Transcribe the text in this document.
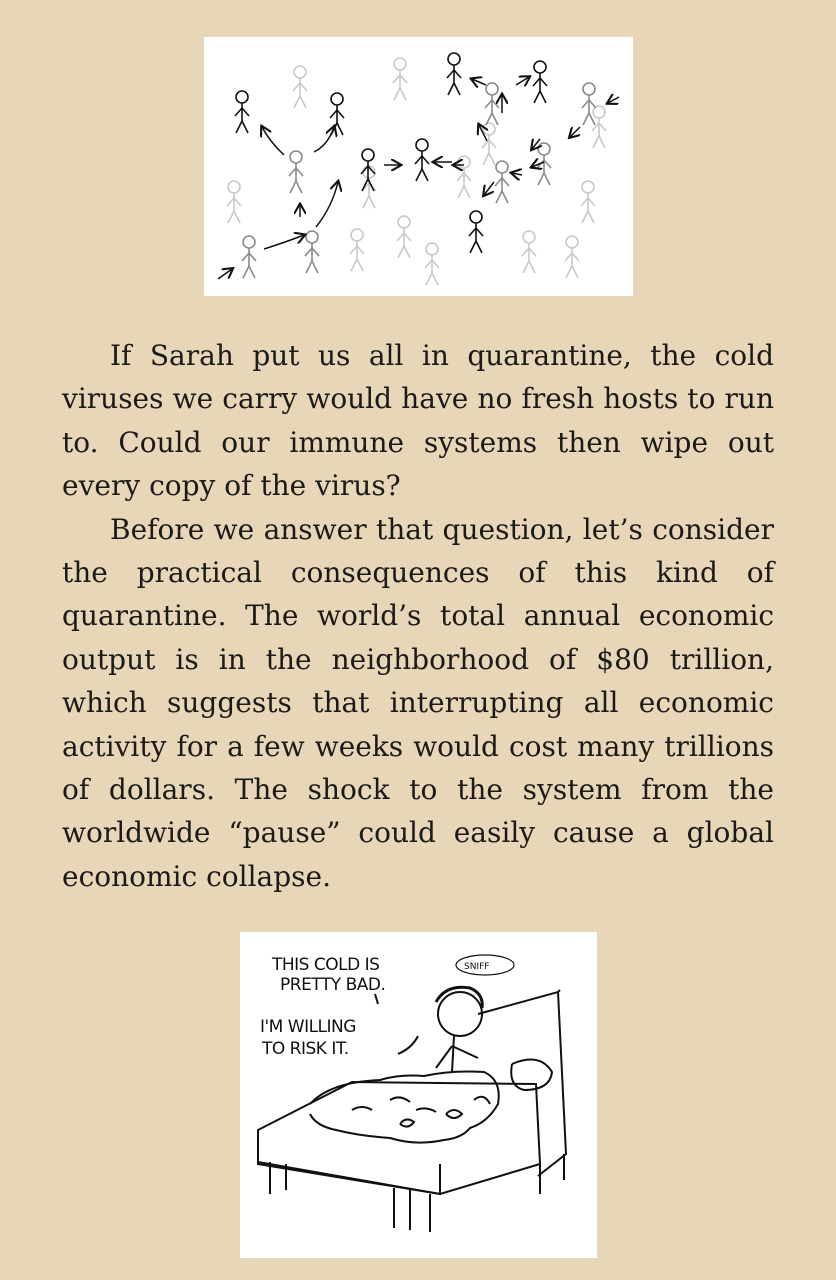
If Sarah put us all in quarantine, the cold viruses we carry would have no fresh hosts to run to. Could our immune systems then wipe out every copy of the virus?

Before we answer that question, let’s consider the practical consequences of this kind of quarantine. The world’s total annual economic output is in the neighborhood of $80 trillion, which suggests that interrupting all economic activity for a few weeks would cost many trillions of dollars. The shock to the system from the worldwide “pause” could easily cause a global economic collapse.

THIS COLD IS
PRETTY BAD.
I'M WILLING
TO RISK IT.
SNIFF
